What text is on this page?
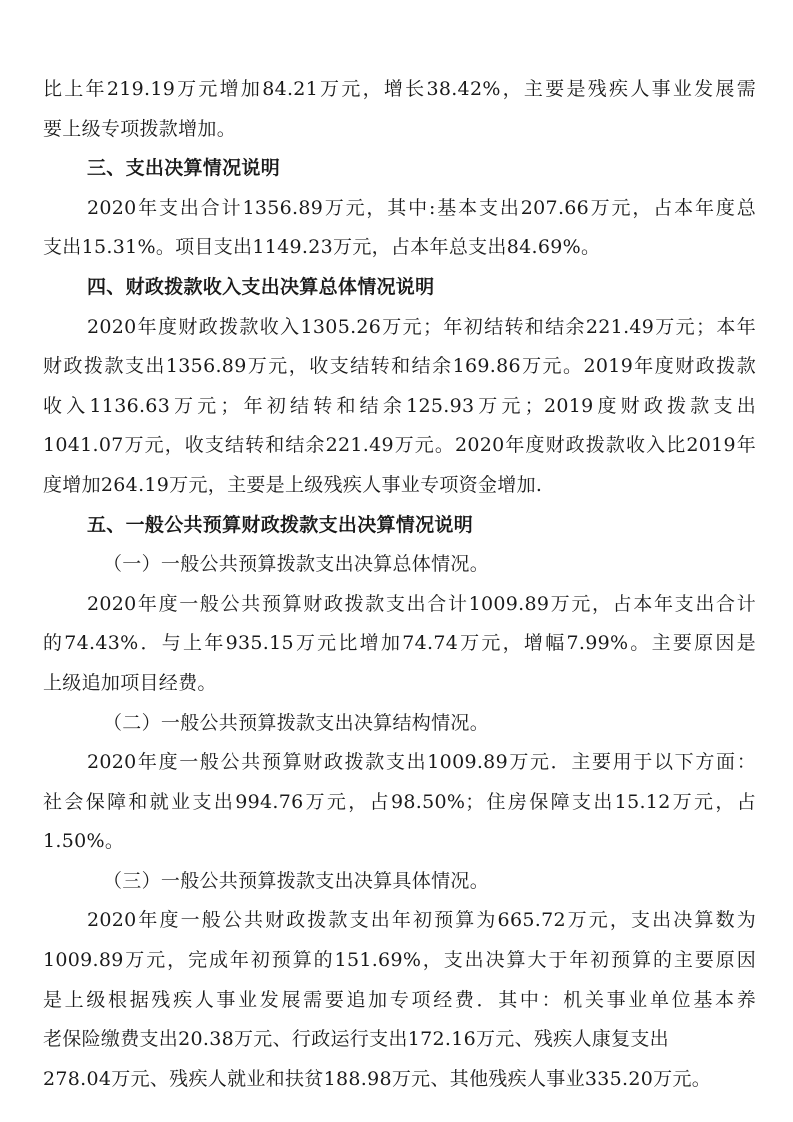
比上年219.19万元增加84.21万元，增长38.42%，主要是残疾人事业发展需
要上级专项拨款增加。
三、支出决算情况说明
2020年支出合计1356.89万元，其中:基本支出207.66万元，占本年度总
支出15.31%。项目支出1149.23万元，占本年总支出84.69%。
四、财政拨款收入支出决算总体情况说明
2020年度财政拨款收入1305.26万元；年初结转和结余221.49万元；本年
财政拨款支出1356.89万元，收支结转和结余169.86万元。2019年度财政拨款
收入1136.63万元；年初结转和结余125.93万元；2019度财政拨款支出
1041.07万元，收支结转和结余221.49万元。2020年度财政拨款收入比2019年
度增加264.19万元，主要是上级残疾人事业专项资金增加.
五、一般公共预算财政拨款支出决算情况说明
（一）一般公共预算拨款支出决算总体情况。
2020年度一般公共预算财政拨款支出合计1009.89万元，占本年支出合计
的74.43%．与上年935.15万元比增加74.74万元，增幅7.99%。主要原因是
上级追加项目经费。
（二）一般公共预算拨款支出决算结构情况。
2020年度一般公共预算财政拨款支出1009.89万元．主要用于以下方面：
社会保障和就业支出994.76万元，占98.50%；住房保障支出15.12万元，占
1.50%。
（三）一般公共预算拨款支出决算具体情况。
2020年度一般公共财政拨款支出年初预算为665.72万元，支出决算数为
1009.89万元，完成年初预算的151.69%，支出决算大于年初预算的主要原因
是上级根据残疾人事业发展需要追加专项经费．其中：机关事业单位基本养
老保险缴费支出20.38万元、行政运行支出172.16万元、残疾人康复支出
278.04万元、残疾人就业和扶贫188.98万元、其他残疾人事业335.20万元。
